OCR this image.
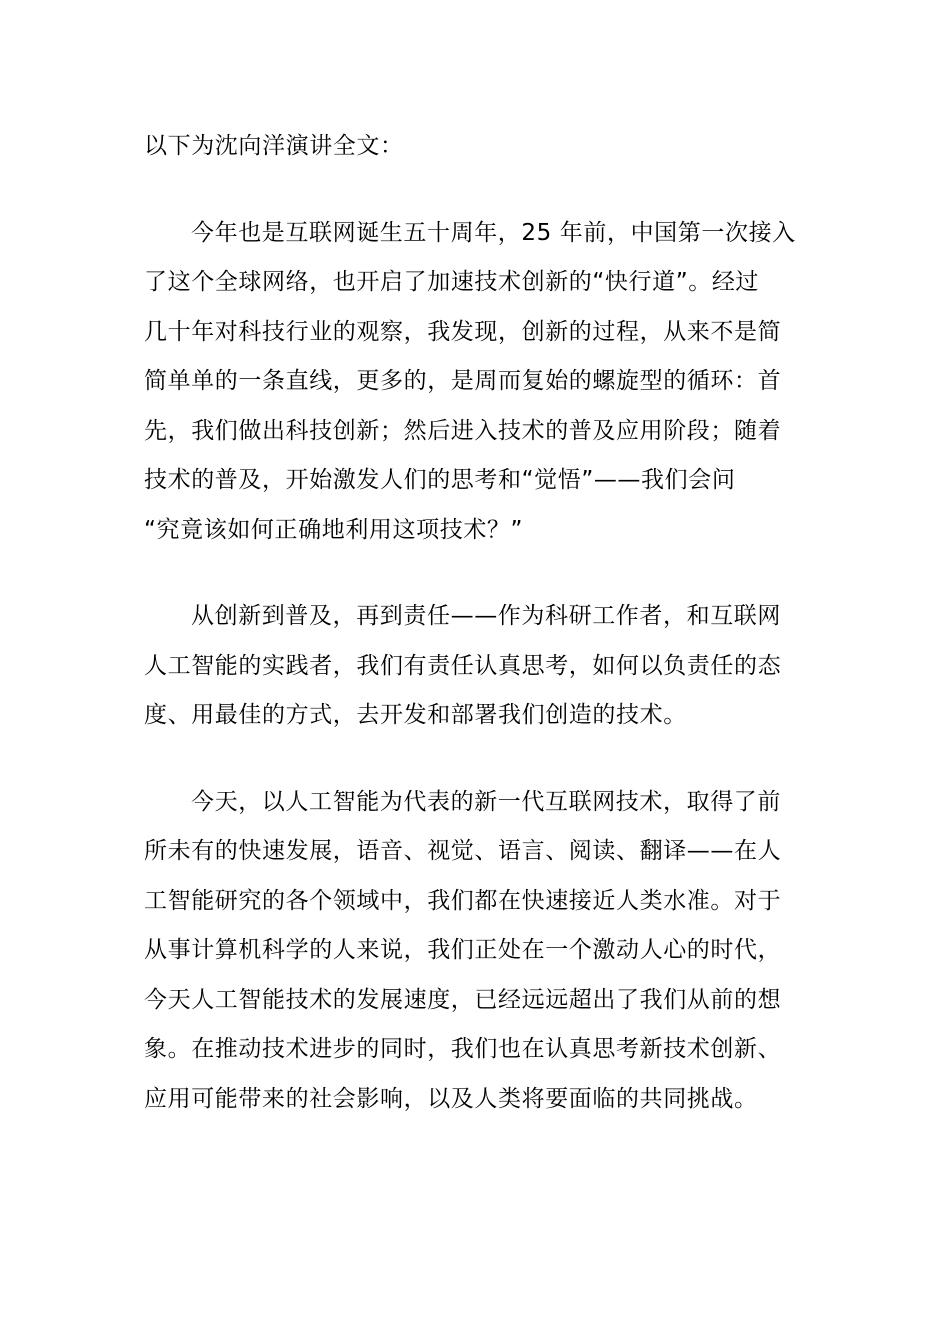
以下为沈向洋演讲全文：

今年也是互联网诞生五十周年，25 年前，中国第一次接入
了这个全球网络，也开启了加速技术创新的“快行道”。经过
几十年对科技行业的观察，我发现，创新的过程，从来不是简
简单单的一条直线，更多的，是周而复始的螺旋型的循环：首
先，我们做出科技创新；然后进入技术的普及应用阶段；随着
技术的普及，开始激发人们的思考和“觉悟”——我们会问
“究竟该如何正确地利用这项技术？”
从创新到普及，再到责任——作为科研工作者，和互联网
人工智能的实践者，我们有责任认真思考，如何以负责任的态
度、用最佳的方式，去开发和部署我们创造的技术。
今天，以人工智能为代表的新一代互联网技术，取得了前
所未有的快速发展，语音、视觉、语言、阅读、翻译——在人
工智能研究的各个领域中，我们都在快速接近人类水准。对于
从事计算机科学的人来说，我们正处在一个激动人心的时代，
今天人工智能技术的发展速度，已经远远超出了我们从前的想
象。在推动技术进步的同时，我们也在认真思考新技术创新、
应用可能带来的社会影响，以及人类将要面临的共同挑战。
